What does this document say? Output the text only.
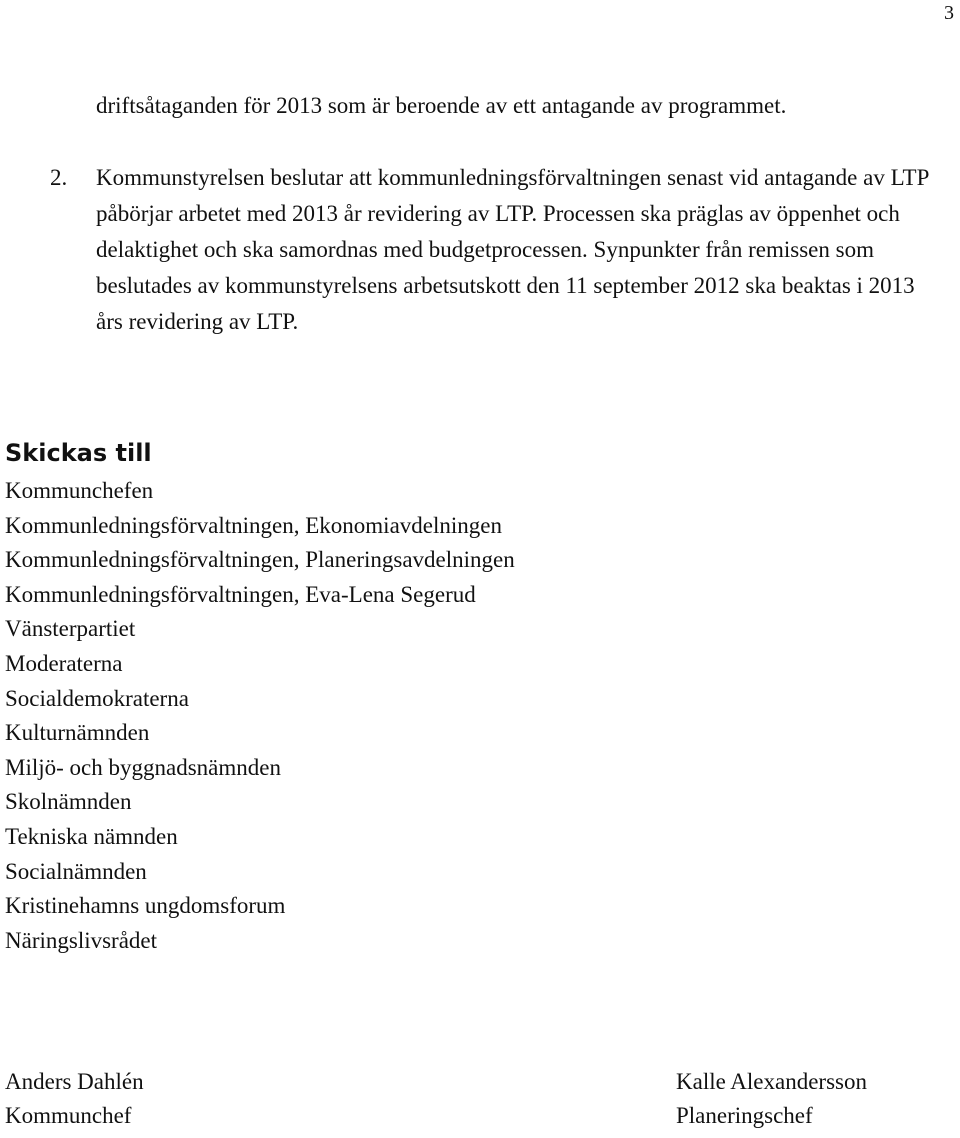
3

driftsåtaganden för 2013 som är beroende av ett antagande av programmet.

2. Kommunstyrelsen beslutar att kommunledningsförvaltningen senast vid antagande av LTP påbörjar arbetet med 2013 år revidering av LTP. Processen ska präglas av öppenhet och delaktighet och ska samordnas med budgetprocessen. Synpunkter från remissen som beslutades av kommunstyrelsens arbetsutskott den 11 september 2012 ska beaktas i 2013 års revidering av LTP.

Skickas till
Kommunchefen
Kommunledningsförvaltningen, Ekonomiavdelningen
Kommunledningsförvaltningen, Planeringsavdelningen
Kommunledningsförvaltningen, Eva-Lena Segerud
Vänsterpartiet
Moderaterna
Socialdemokraterna
Kulturnämnden
Miljö- och byggnadsnämnden
Skolnämnden
Tekniska nämnden
Socialnämnden
Kristinehamns ungdomsforum
Näringslivsrådet
Anders Dahlén
Kommunchef
Kalle Alexandersson
Planeringschef
